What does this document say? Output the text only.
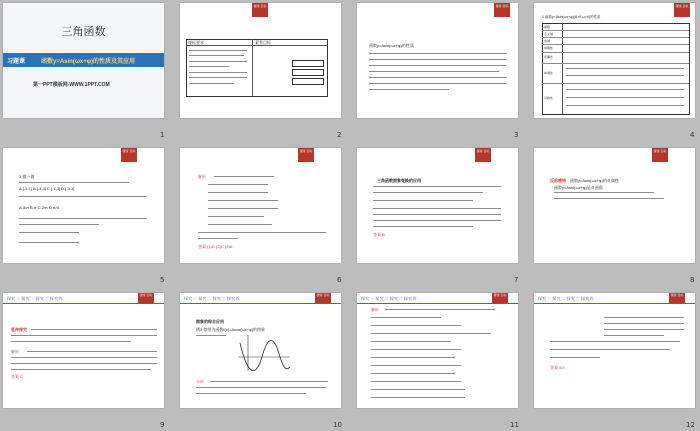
三角函数
习题课	函数y=Asin(ωx+φ)的性质及其应用
第一PPT模板网-WWW.1PPT.COM
1
课堂 目标
课标要求	素养目标
2
课堂 目标
函数y=Asin(ωx+φ)的性质
3
课堂 目标
1.函数y=Asin(ωx+φ)(A>0,ω>0)的性质
函数
定义域
值域
周期性
奇偶性
单调性
对称性
4
课堂 目标
3.做一做
A.[-1,1] B.[-4,4] C.[-1,3] D.[-3,3]
A.3/π B.π C.2/π D.π/3
5
课堂 目标
解析
答案:(1)D (2)C (3)A
6
课堂 目标
三角函数图象变换的应用
答案:B
7
课堂 目标
反思感悟 函数y=Asin(ωx+φ)的奇偶性
函数y=Asin(ωx+φ)是奇函数
8
探究一 探究二 探究三 探究四
课堂 目标
延伸探究
解析
答案:C
9
探究一 探究二 探究三 探究四
课堂 目标
图象的综合应用
例3 如图为函数f(x)=Acos(ωx+φ)的图象
分析
10
探究一 探究二 探究三 探究四
课堂 目标
解析
11
探究一 探究二 探究三 探究四
课堂 目标
答案:5/2
12
